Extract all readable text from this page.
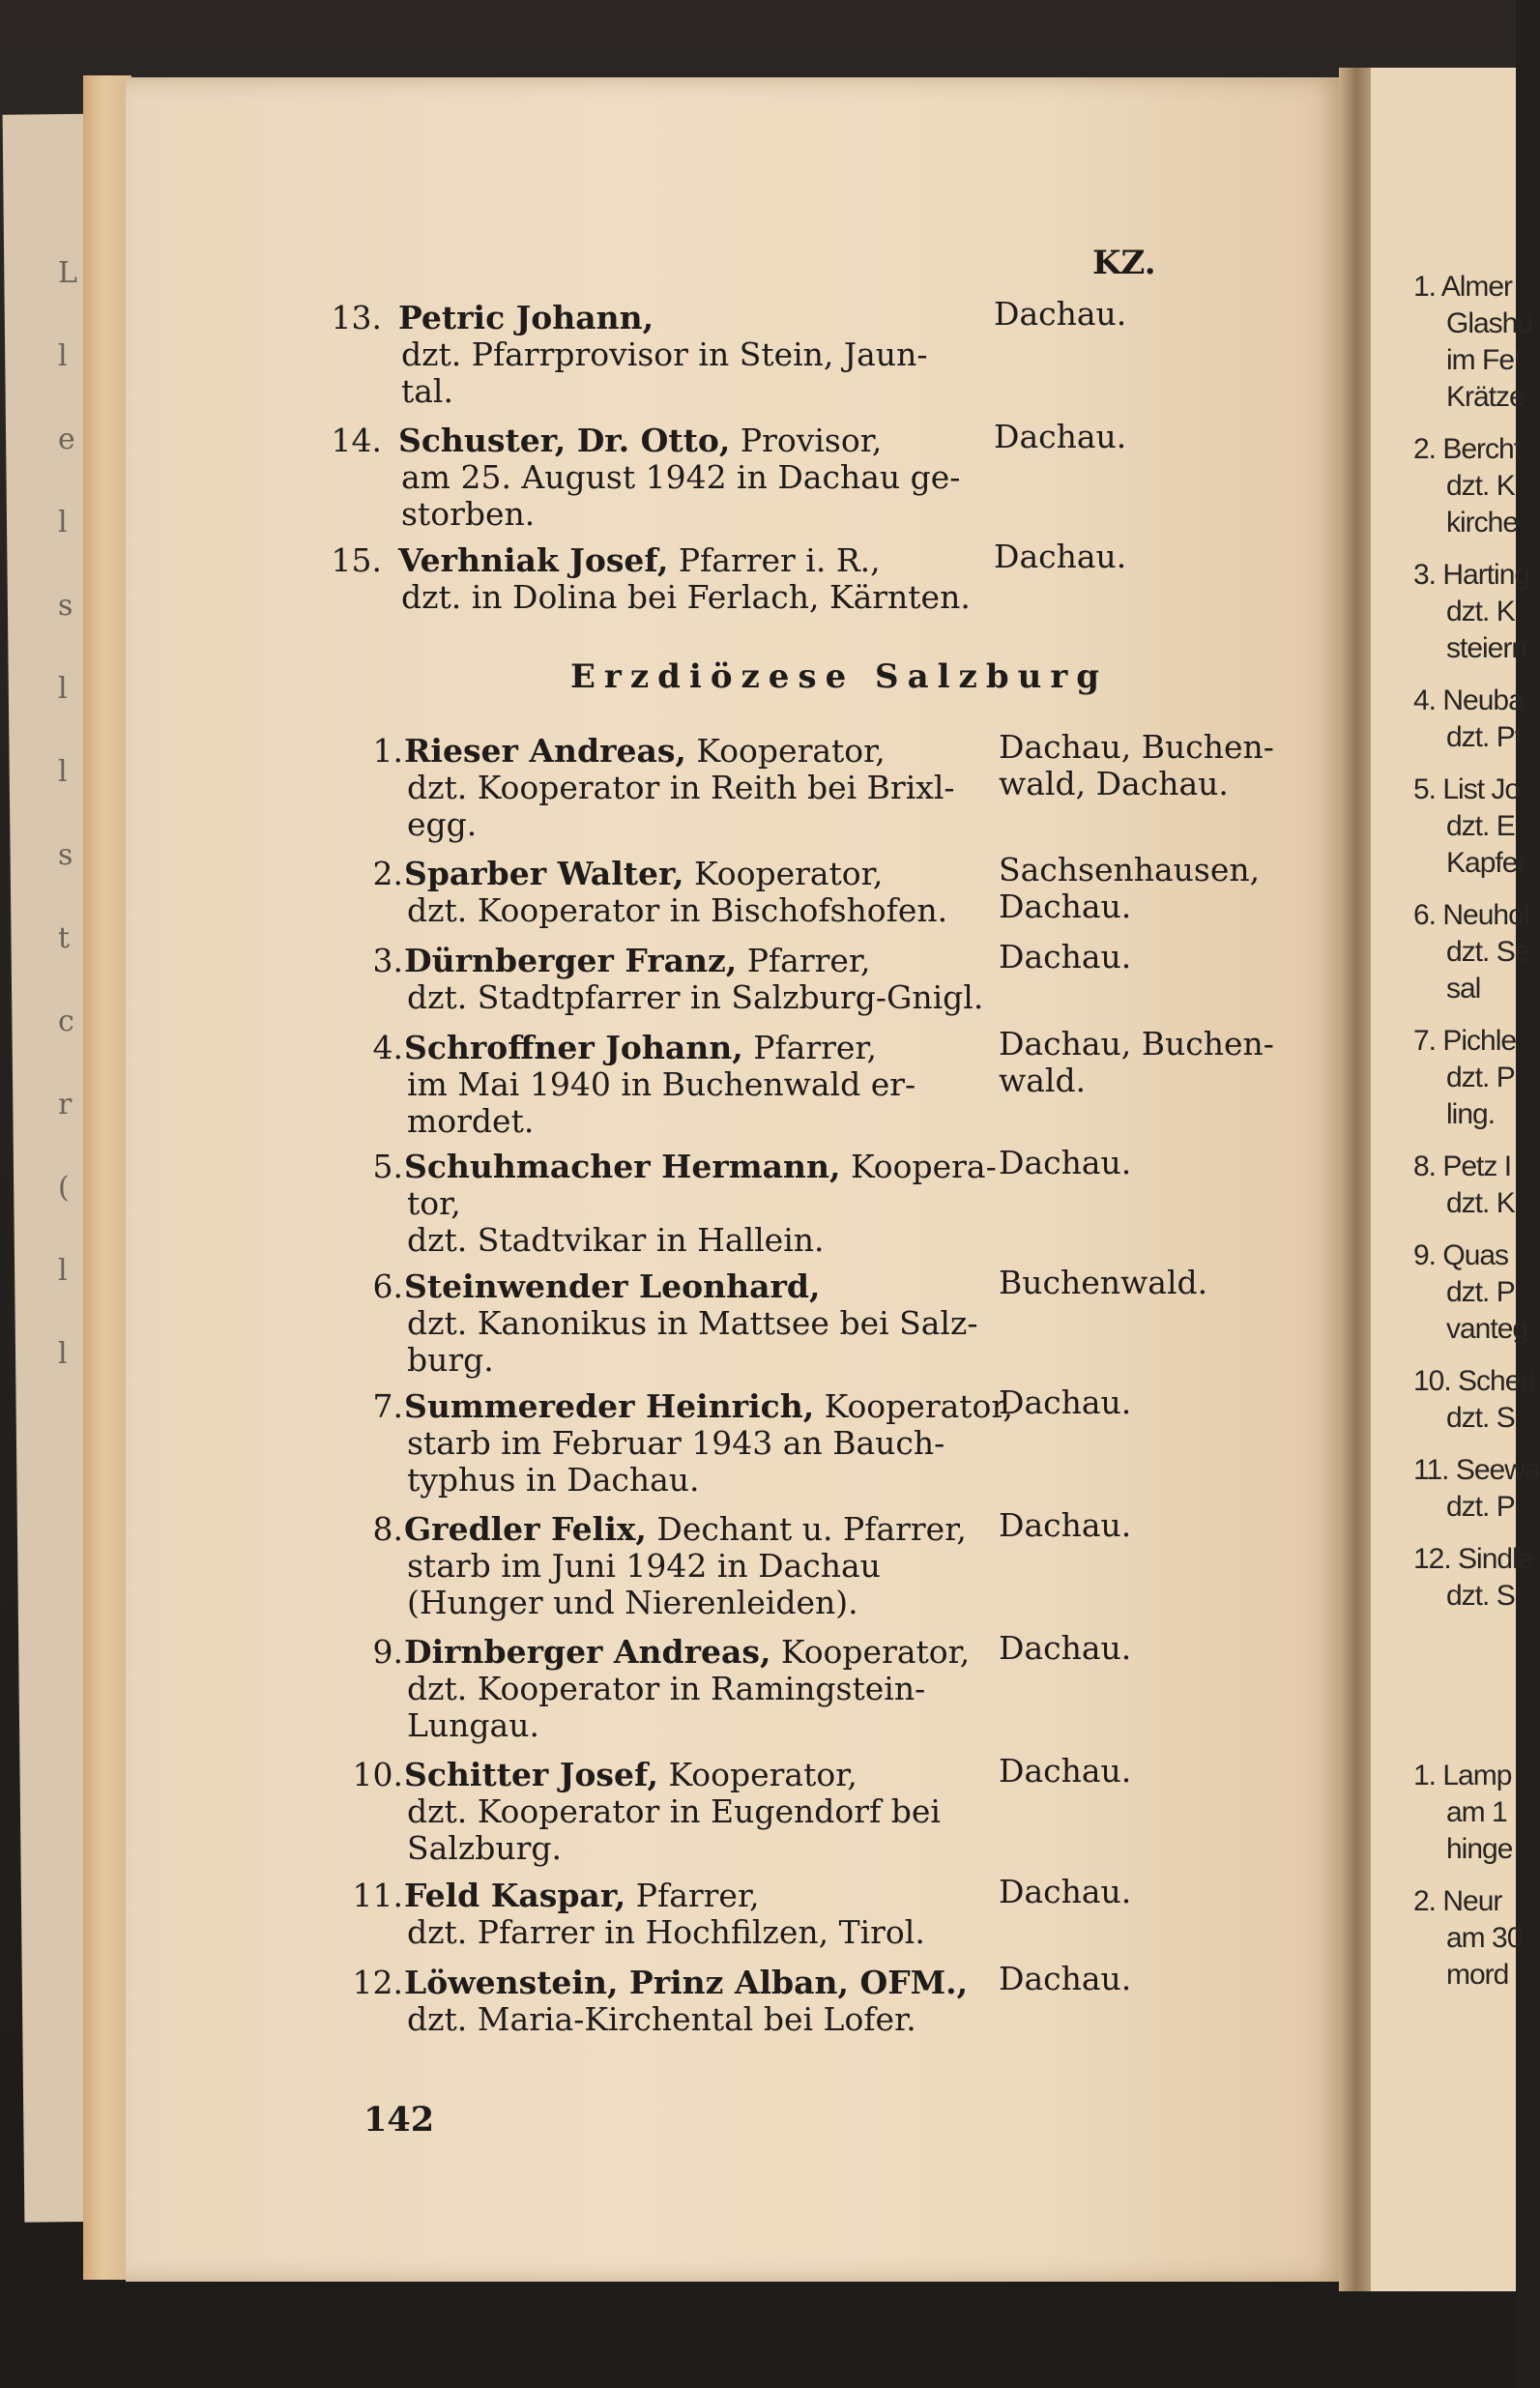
L
l
e
l
s
l
l
s
t
c
r
(
l
l
1. Almer
Glashü
im Fel
Krätze
2. Bercht
dzt. K
kirche
3. Harting
dzt. K
steiern
4. Neuba
dzt. Pf
5. List Jo
dzt. E
Kapfer
6. Neuhol
dzt. Se
sal
7. Pichle
dzt. P
ling.
8. Petz I
dzt. K
9. Quas
dzt. P
vanteg
10. Scheri
dzt. S
11. Seewa
dzt. P
12. Sindle
dzt. S
1. Lamp
am 1
hinge
2. Neur
am 30
mord
KZ.
Erzdiözese Salzburg
13. Petric Johann,
dzt. Pfarrprovisor in Stein, Jaun-
tal.
Dachau.
14. Schuster, Dr. Otto, Provisor,
am 25. August 1942 in Dachau ge-
storben.
Dachau.
15. Verhniak Josef, Pfarrer i. R.,
dzt. in Dolina bei Ferlach, Kärnten.
Dachau.
1. Rieser Andreas, Kooperator,
dzt. Kooperator in Reith bei Brixl-
egg.
Dachau, Buchen-
wald, Dachau.
2. Sparber Walter, Kooperator,
dzt. Kooperator in Bischofshofen.
Sachsenhausen,
Dachau.
3. Dürnberger Franz, Pfarrer,
dzt. Stadtpfarrer in Salzburg-Gnigl.
Dachau.
4. Schroffner Johann, Pfarrer,
im Mai 1940 in Buchenwald er-
mordet.
Dachau, Buchen-
wald.
5. Schuhmacher Hermann, Koopera-
tor,
dzt. Stadtvikar in Hallein.
Dachau.
6. Steinwender Leonhard,
dzt. Kanonikus in Mattsee bei Salz-
burg.
Buchenwald.
7. Summereder Heinrich, Kooperator,
starb im Februar 1943 an Bauch-
typhus in Dachau.
Dachau.
8. Gredler Felix, Dechant u. Pfarrer,
starb im Juni 1942 in Dachau
(Hunger und Nierenleiden).
Dachau.
9. Dirnberger Andreas, Kooperator,
dzt. Kooperator in Ramingstein-
Lungau.
Dachau.
10. Schitter Josef, Kooperator,
dzt. Kooperator in Eugendorf bei
Salzburg.
Dachau.
11. Feld Kaspar, Pfarrer,
dzt. Pfarrer in Hochfilzen, Tirol.
Dachau.
12. Löwenstein, Prinz Alban, OFM.,
dzt. Maria-Kirchental bei Lofer.
Dachau.
142
